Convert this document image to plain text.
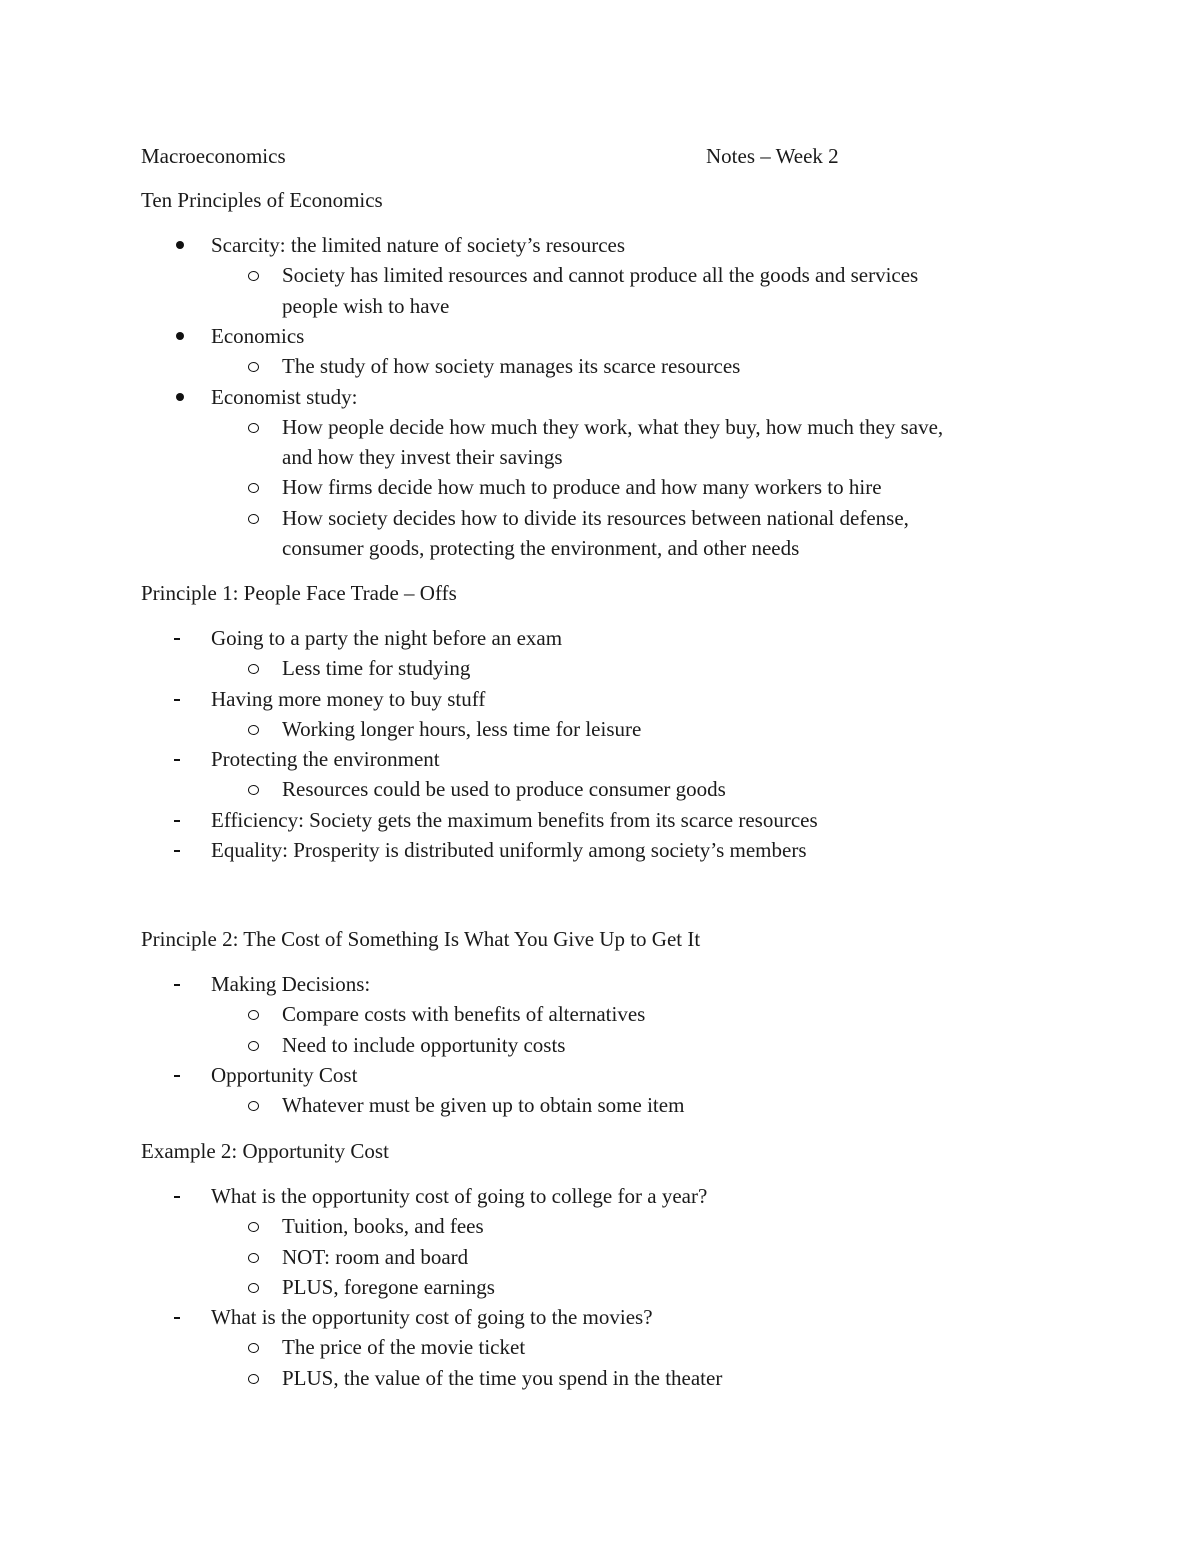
Macroeconomics	Notes – Week 2
Ten Principles of Economics
Scarcity: the limited nature of society’s resources
Society has limited resources and cannot produce all the goods and services
people wish to have
Economics
The study of how society manages its scarce resources
Economist study:
How people decide how much they work, what they buy, how much they save,
and how they invest their savings
How firms decide how much to produce and how many workers to hire
How society decides how to divide its resources between national defense,
consumer goods, protecting the environment, and other needs
Principle 1: People Face Trade – Offs
Going to a party the night before an exam
Less time for studying
Having more money to buy stuff
Working longer hours, less time for leisure
Protecting the environment
Resources could be used to produce consumer goods
Efficiency: Society gets the maximum benefits from its scarce resources
Equality: Prosperity is distributed uniformly among society’s members
Principle 2: The Cost of Something Is What You Give Up to Get It
Making Decisions:
Compare costs with benefits of alternatives
Need to include opportunity costs
Opportunity Cost
Whatever must be given up to obtain some item
Example 2: Opportunity Cost
What is the opportunity cost of going to college for a year?
Tuition, books, and fees
NOT: room and board
PLUS, foregone earnings
What is the opportunity cost of going to the movies?
The price of the movie ticket
PLUS, the value of the time you spend in the theater
